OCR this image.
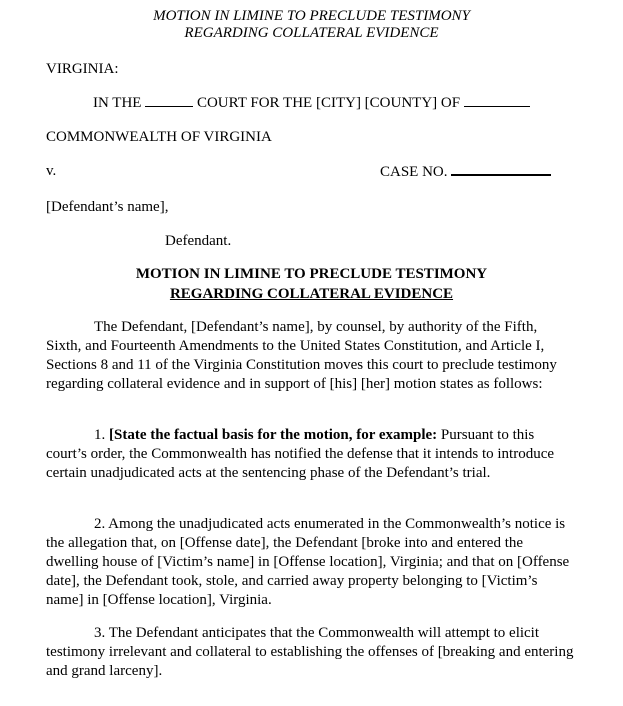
MOTION IN LIMINE TO PRECLUDE TESTIMONY
REGARDING COLLATERAL EVIDENCE
VIRGINIA:
IN THE	COURT FOR THE [CITY] [COUNTY] OF
COMMONWEALTH OF VIRGINIA
v.	CASE NO.
[Defendant’s name],
Defendant.
MOTION IN LIMINE TO PRECLUDE TESTIMONY
REGARDING COLLATERAL EVIDENCE

The Defendant, [Defendant’s name], by counsel, by authority of the Fifth, Sixth, and Fourteenth Amendments to the United States Constitution, and Article I, Sections 8 and 11 of the Virginia Constitution moves this court to preclude testimony regarding collateral evidence and in support of [his] [her] motion states as follows:

1. [State the factual basis for the motion, for example: Pursuant to this court’s order, the Commonwealth has notified the defense that it intends to introduce certain unadjudicated acts at the sentencing phase of the Defendant’s trial.

2. Among the unadjudicated acts enumerated in the Commonwealth’s notice is the allegation that, on [Offense date], the Defendant [broke into and entered the dwelling house of [Victim’s name] in [Offense location], Virginia; and that on [Offense date], the Defendant took, stole, and carried away property belonging to [Victim’s name] in [Offense location], Virginia.

3. The Defendant anticipates that the Commonwealth will attempt to elicit testimony irrelevant and collateral to establishing the offenses of [breaking and entering and grand larceny].
